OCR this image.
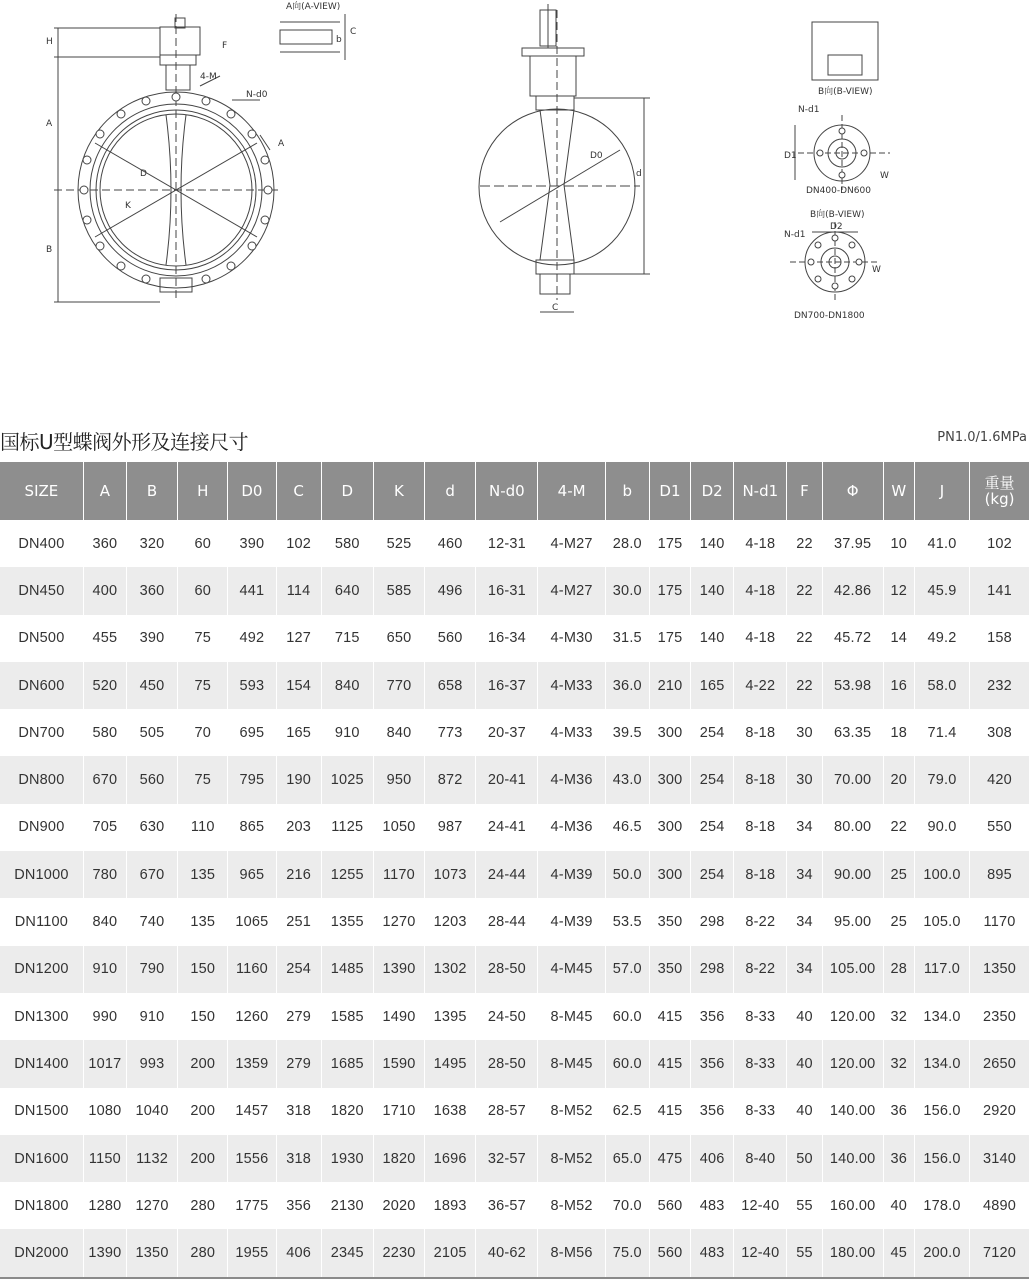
A向(A-VIEW)
4-M
N-d0
H
A
B
D
K
F
b
C
A
D0
d
C
B向(B-VIEW)
N-d1
D1
W
DN400-DN600
B向(B-VIEW)
D2
N-d1
W
DN700-DN1800
国标U型蝶阀外形及连接尺寸	PN1.0/1.6MPa
SIZE	A	B	H	D0	C	D	K	d	N-d0	4-M	b	D1	D2	N-d1	F	Φ	W	J	重量
(kg)

DN400	360	320	60	390	102	580	525	460	12-31	4-M27	28.0	175	140	4-18	22	37.95	10	41.0	102
DN450	400	360	60	441	114	640	585	496	16-31	4-M27	30.0	175	140	4-18	22	42.86	12	45.9	141
DN500	455	390	75	492	127	715	650	560	16-34	4-M30	31.5	175	140	4-18	22	45.72	14	49.2	158
DN600	520	450	75	593	154	840	770	658	16-37	4-M33	36.0	210	165	4-22	22	53.98	16	58.0	232
DN700	580	505	70	695	165	910	840	773	20-37	4-M33	39.5	300	254	8-18	30	63.35	18	71.4	308
DN800	670	560	75	795	190	1025	950	872	20-41	4-M36	43.0	300	254	8-18	30	70.00	20	79.0	420
DN900	705	630	110	865	203	1125	1050	987	24-41	4-M36	46.5	300	254	8-18	34	80.00	22	90.0	550
DN1000	780	670	135	965	216	1255	1170	1073	24-44	4-M39	50.0	300	254	8-18	34	90.00	25	100.0	895
DN1100	840	740	135	1065	251	1355	1270	1203	28-44	4-M39	53.5	350	298	8-22	34	95.00	25	105.0	1170
DN1200	910	790	150	1160	254	1485	1390	1302	28-50	4-M45	57.0	350	298	8-22	34	105.00	28	117.0	1350
DN1300	990	910	150	1260	279	1585	1490	1395	24-50	8-M45	60.0	415	356	8-33	40	120.00	32	134.0	2350
DN1400	1017	993	200	1359	279	1685	1590	1495	28-50	8-M45	60.0	415	356	8-33	40	120.00	32	134.0	2650
DN1500	1080	1040	200	1457	318	1820	1710	1638	28-57	8-M52	62.5	415	356	8-33	40	140.00	36	156.0	2920
DN1600	1150	1132	200	1556	318	1930	1820	1696	32-57	8-M52	65.0	475	406	8-40	50	140.00	36	156.0	3140
DN1800	1280	1270	280	1775	356	2130	2020	1893	36-57	8-M52	70.0	560	483	12-40	55	160.00	40	178.0	4890
DN2000	1390	1350	280	1955	406	2345	2230	2105	40-62	8-M56	75.0	560	483	12-40	55	180.00	45	200.0	7120
